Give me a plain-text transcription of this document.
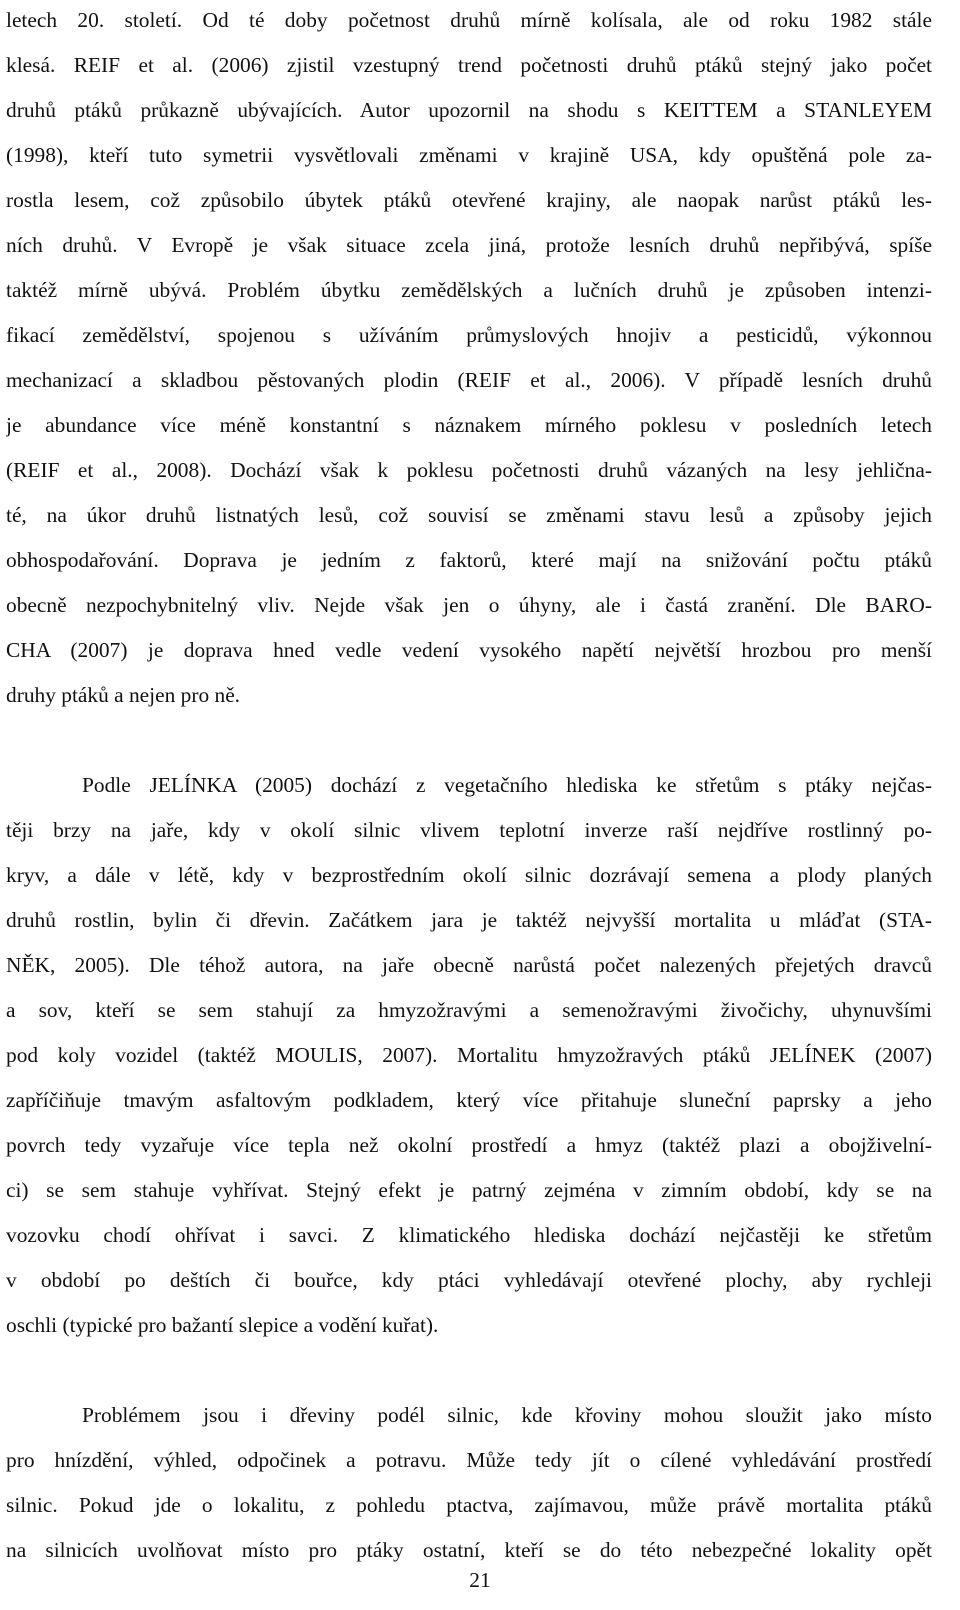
letech 20. století. Od té doby početnost druhů mírně kolísala, ale od roku 1982 stále
klesá. REIF et al. (2006) zjistil vzestupný trend početnosti druhů ptáků stejný jako počet
druhů ptáků průkazně ubývajících. Autor upozornil na shodu s KEITTEM a STANLEYEM
(1998), kteří tuto symetrii vysvětlovali změnami v krajině USA, kdy opuštěná pole za-
rostla lesem, což způsobilo úbytek ptáků otevřené krajiny, ale naopak narůst ptáků les-
ních druhů. V Evropě je však situace zcela jiná, protože lesních druhů nepřibývá, spíše
taktéž mírně ubývá. Problém úbytku zemědělských a lučních druhů je způsoben intenzi-
fikací zemědělství, spojenou s užíváním průmyslových hnojiv a pesticidů, výkonnou
mechanizací a skladbou pěstovaných plodin (REIF et al., 2006). V případě lesních druhů
je abundance více méně konstantní s náznakem mírného poklesu v posledních letech
(REIF et al., 2008). Dochází však k poklesu početnosti druhů vázaných na lesy jehlična-
té, na úkor druhů listnatých lesů, což souvisí se změnami stavu lesů a způsoby jejich
obhospodařování. Doprava je jedním z faktorů, které mají na snižování počtu ptáků
obecně nezpochybnitelný vliv. Nejde však jen o úhyny, ale i častá zranění. Dle BARO-
CHA (2007) je doprava hned vedle vedení vysokého napětí největší hrozbou pro menší
druhy ptáků a nejen pro ně.
Podle JELÍNKA (2005) dochází z vegetačního hlediska ke střetům s ptáky nejčas-
těji brzy na jaře, kdy v okolí silnic vlivem teplotní inverze raší nejdříve rostlinný po-
kryv, a dále v létě, kdy v bezprostředním okolí silnic dozrávají semena a plody planých
druhů rostlin, bylin či dřevin. Začátkem jara je taktéž nejvyšší mortalita u mláďat (STA-
NĚK, 2005). Dle téhož autora, na jaře obecně narůstá počet nalezených přejetých dravců
a sov, kteří se sem stahují za hmyzožravými a semenožravými živočichy, uhynuvšími
pod koly vozidel (taktéž MOULIS, 2007). Mortalitu hmyzožravých ptáků JELÍNEK (2007)
zapříčiňuje tmavým asfaltovým podkladem, který více přitahuje sluneční paprsky a jeho
povrch tedy vyzařuje více tepla než okolní prostředí a hmyz (taktéž plazi a obojživelní-
ci) se sem stahuje vyhřívat. Stejný efekt je patrný zejména v zimním období, kdy se na
vozovku chodí ohřívat i savci. Z klimatického hlediska dochází nejčastěji ke střetům
v období po deštích či bouřce, kdy ptáci vyhledávají otevřené plochy, aby rychleji
oschli (typické pro bažantí slepice a vodění kuřat).
Problémem jsou i dřeviny podél silnic, kde křoviny mohou sloužit jako místo
pro hnízdění, výhled, odpočinek a potravu. Může tedy jít o cílené vyhledávání prostředí
silnic. Pokud jde o lokalitu, z pohledu ptactva, zajímavou, může právě mortalita ptáků
na silnicích uvolňovat místo pro ptáky ostatní, kteří se do této nebezpečné lokality opět
21
